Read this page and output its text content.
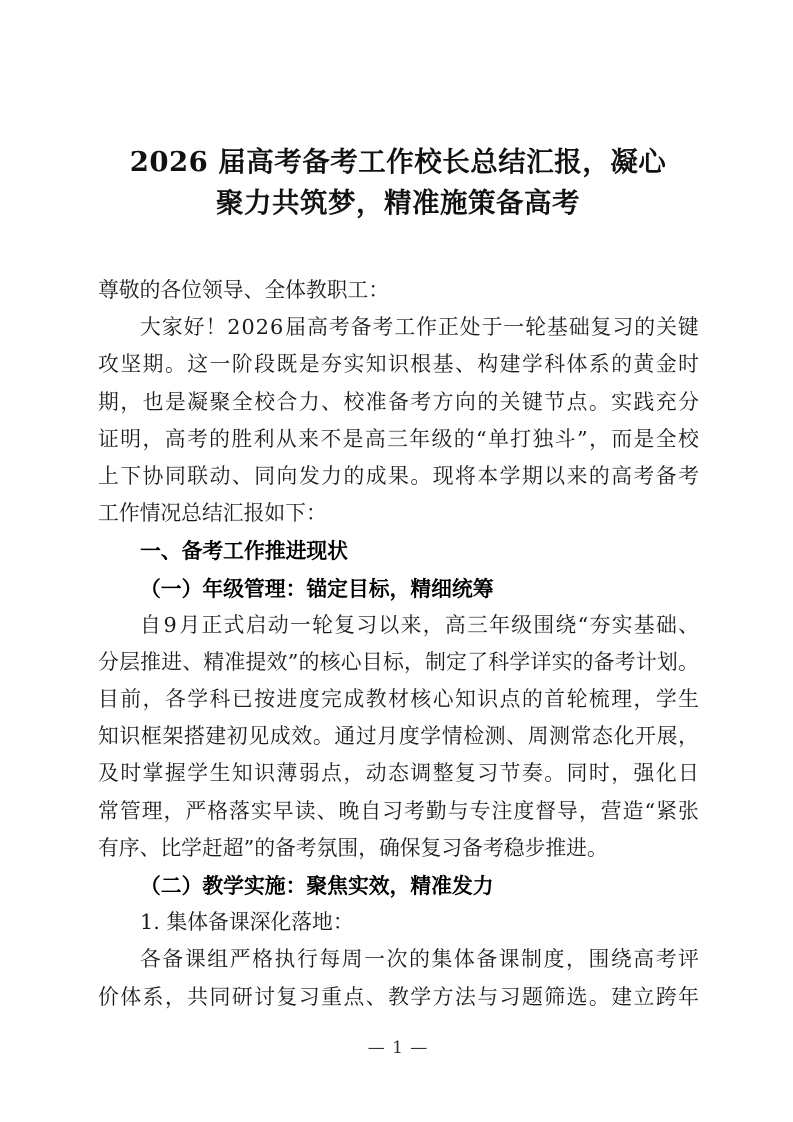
2026 届高考备考工作校长总结汇报，凝心
聚力共筑梦，精准施策备高考
尊敬的各位领导、全体教职工：
大 家 好 ！ 2 0 2 6 届 高 考 备 考 工 作 正 处 于 一 轮 基 础 复 习 的 关 键
攻 坚 期 。 这 一 阶 段 既 是 夯 实 知 识 根 基 、 构 建 学 科 体 系 的 黄 金 时
期 ， 也 是 凝 聚 全 校 合 力 、 校 准 备 考 方 向 的 关 键 节 点 。 实 践 充 分
证 明 ， 高 考 的 胜 利 从 来 不 是 高 三 年 级 的 “ 单 打 独 斗 ” ， 而 是 全 校
上 下 协 同 联 动 、 同 向 发 力 的 成 果 。 现 将 本 学 期 以 来 的 高 考 备 考
工作情况总结汇报如下：
一、备考工作推进现状
（一）年级管理：锚定目标，精细统筹
自 9 月 正 式 启 动 一 轮 复 习 以 来 ， 高 三 年 级 围 绕 “ 夯 实 基 础 、
分 层 推 进 、 精 准 提 效 ” 的 核 心 目 标 ， 制 定 了 科 学 详 实 的 备 考 计 划 。
目 前 ， 各 学 科 已 按 进 度 完 成 教 材 核 心 知 识 点 的 首 轮 梳 理 ， 学 生
知 识 框 架 搭 建 初 见 成 效 。 通 过 月 度 学 情 检 测 、 周 测 常 态 化 开 展 ，
及 时 掌 握 学 生 知 识 薄 弱 点 ， 动 态 调 整 复 习 节 奏 。 同 时 ， 强 化 日
常 管 理 ， 严 格 落 实 早 读 、 晚 自 习 考 勤 与 专 注 度 督 导 ， 营 造 “ 紧 张
有序、比学赶超”的备考氛围，确保复习备考稳步推进。
（二）教学实施：聚焦实效，精准发力
1. 集体备课深化落地：
各 备 课 组 严 格 执 行 每 周 一 次 的 集 体 备 课 制 度 ， 围 绕 高 考 评
价 体 系 ， 共 同 研 讨 复 习 重 点 、 教 学 方 法 与 习 题 筛 选 。 建 立 跨 年
— 1 —
